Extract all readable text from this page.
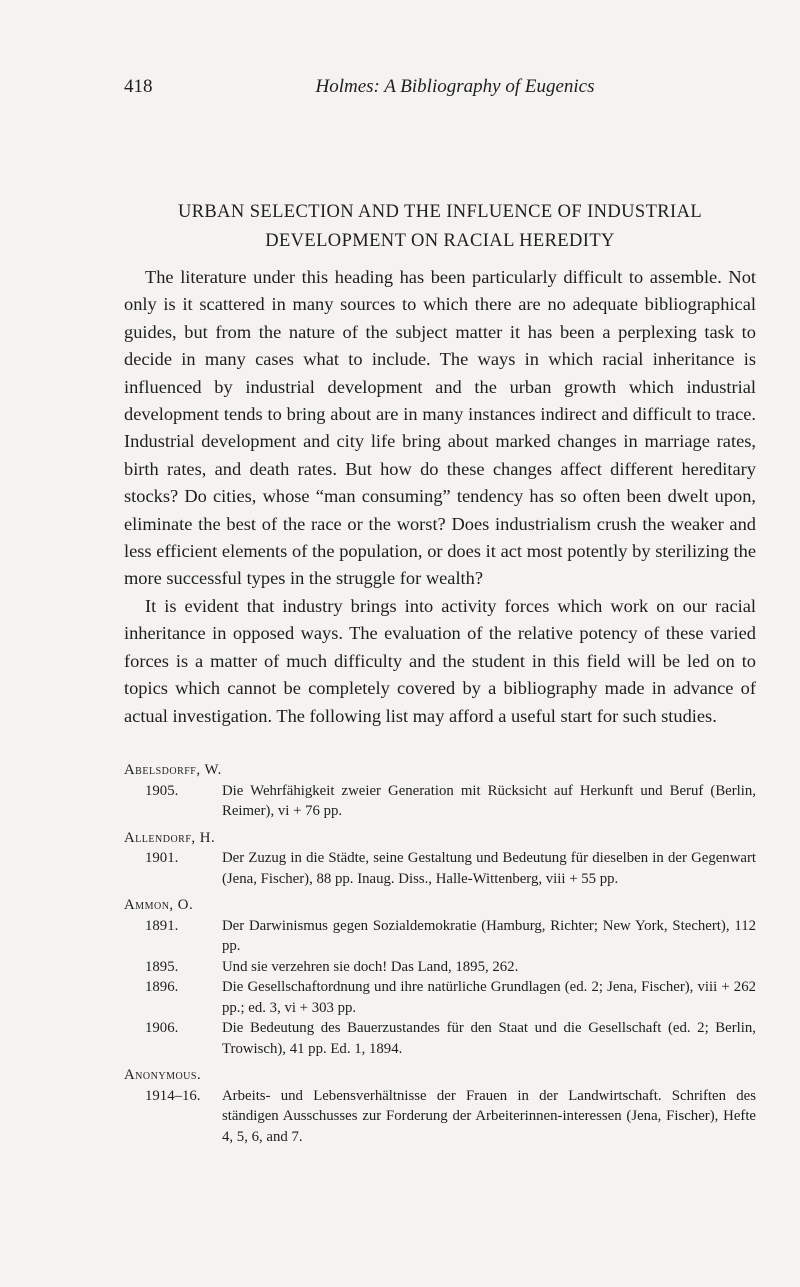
418	Holmes: A Bibliography of Eugenics
URBAN SELECTION AND THE INFLUENCE OF INDUSTRIAL
DEVELOPMENT ON RACIAL HEREDITY

The literature under this heading has been particularly difficult to assemble. Not only is it scattered in many sources to which there are no adequate bibliographical guides, but from the nature of the subject matter it has been a perplexing task to decide in many cases what to include. The ways in which racial inheritance is influenced by industrial development and the urban growth which industrial development tends to bring about are in many instances indirect and difficult to trace. Industrial development and city life bring about marked changes in marriage rates, birth rates, and death rates. But how do these changes affect different hereditary stocks? Do cities, whose “man consuming” tendency has so often been dwelt upon, eliminate the best of the race or the worst? Does industrialism crush the weaker and less efficient elements of the population, or does it act most potently by sterilizing the more successful types in the struggle for wealth?

It is evident that industry brings into activity forces which work on our racial inheritance in opposed ways. The evaluation of the relative potency of these varied forces is a matter of much difficulty and the student in this field will be led on to topics which cannot be completely covered by a bibliography made in advance of actual investigation. The following list may afford a useful start for such studies.

Abelsdorff, W.
1905.	Die Wehrfähigkeit zweier Generation mit Rücksicht auf Herkunft und Beruf (Berlin, Reimer), vi + 76 pp.
Allendorf, H.
1901.	Der Zuzug in die Städte, seine Gestaltung und Bedeutung für dieselben in der Gegenwart (Jena, Fischer), 88 pp. Inaug. Diss., Halle-Wittenberg, viii + 55 pp.
Ammon, O.
1891.	Der Darwinismus gegen Sozialdemokratie (Hamburg, Richter; New York, Stechert), 112 pp.
1895.	Und sie verzehren sie doch! Das Land, 1895, 262.
1896.	Die Gesellschaftordnung und ihre natürliche Grundlagen (ed. 2; Jena, Fischer), viii + 262 pp.; ed. 3, vi + 303 pp.
1906.	Die Bedeutung des Bauerzustandes für den Staat und die Gesellschaft (ed. 2; Berlin, Trowisch), 41 pp. Ed. 1, 1894.
Anonymous.
1914–16. Arbeits- und Lebensverhältnisse der Frauen in der Landwirtschaft. Schriften des ständigen Ausschusses zur Forderung der Arbeiterinnen-interessen (Jena, Fischer), Hefte 4, 5, 6, and 7.
